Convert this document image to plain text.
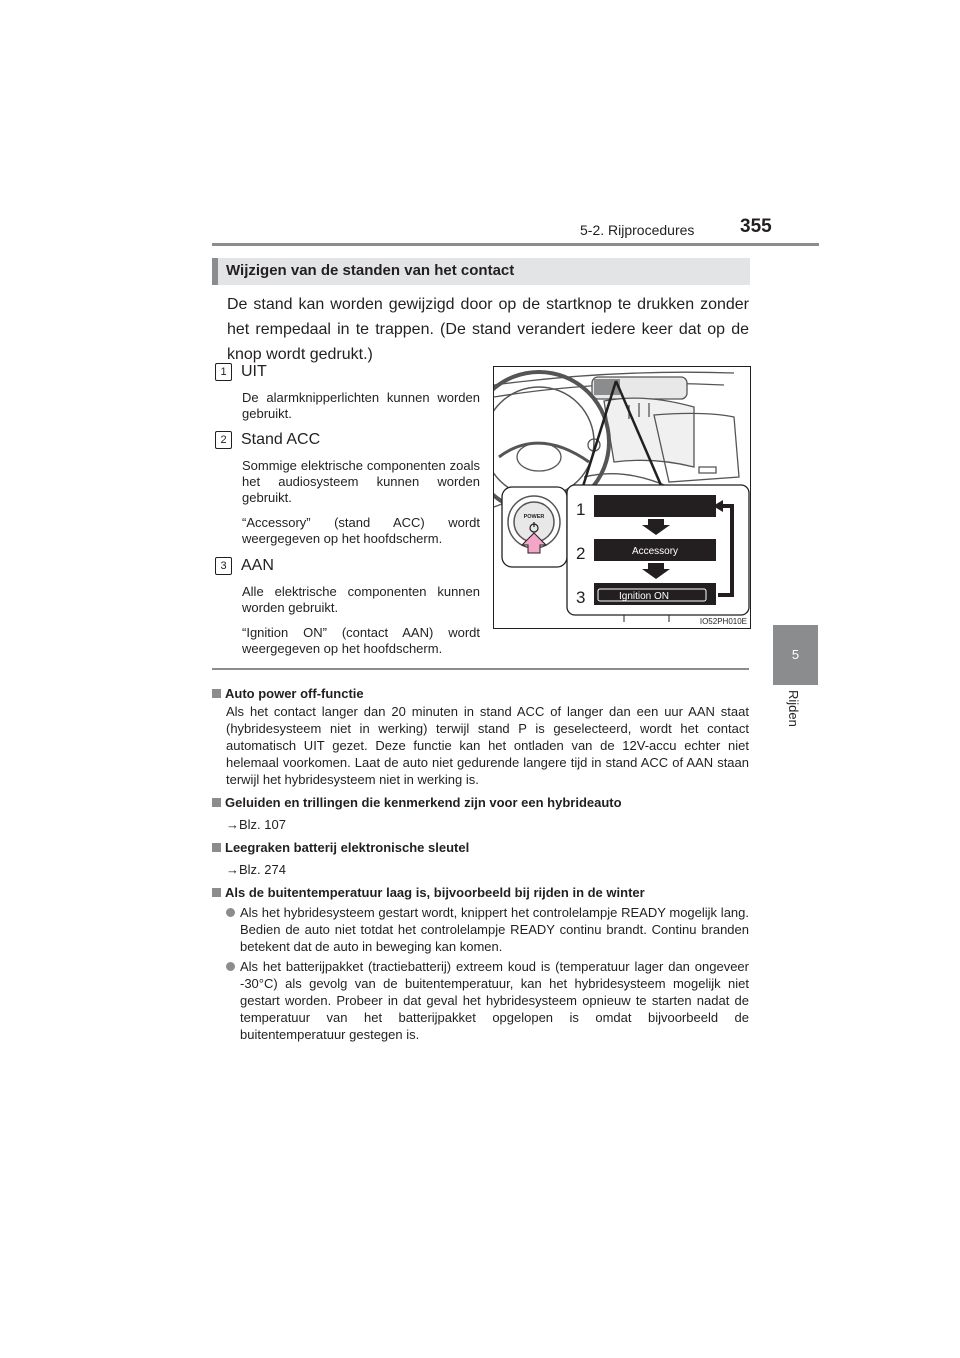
5-2. Rijprocedures 355
5
Rijden
Wijzigen van de standen van het contact
De stand kan worden gewijzigd door op de startknop te drukken zonder het rempedaal in te trappen. (De stand verandert iedere keer dat op de knop wordt gedrukt.)
1 UIT

De alarmknipperlichten kunnen worden gebruikt.

2 Stand ACC

Sommige elektrische componenten zoals het audiosysteem kunnen worden gebruikt.

“Accessory” (stand ACC) wordt weergegeven op het hoofdscherm.

3 AAN

Alle elektrische componenten kunnen worden gebruikt.

“Ignition ON” (contact AAN) wordt weergegeven op het hoofdscherm.

POWER 1
2
3
Accessory
Ignition ON
IO52PH010E
Auto power off-functie
Als het contact langer dan 20 minuten in stand ACC of langer dan een uur AAN staat (hybridesysteem niet in werking) terwijl stand P is geselecteerd, wordt het contact automatisch UIT gezet. Deze functie kan het ontladen van de 12V-accu echter niet helemaal voorkomen. Laat de auto niet gedurende langere tijd in stand ACC of AAN staan terwijl het hybridesysteem niet in werking is.
Geluiden en trillingen die kenmerkend zijn voor een hybrideauto
→Blz. 107
Leegraken batterij elektronische sleutel
→Blz. 274
Als de buitentemperatuur laag is, bijvoorbeeld bij rijden in de winter
Als het hybridesysteem gestart wordt, knippert het controlelampje READY mogelijk lang. Bedien de auto niet totdat het controlelampje READY continu brandt. Continu branden betekent dat de auto in beweging kan komen.
Als het batterijpakket (tractiebatterij) extreem koud is (temperatuur lager dan ongeveer -30°C) als gevolg van de buitentemperatuur, kan het hybridesysteem mogelijk niet gestart worden. Probeer in dat geval het hybridesysteem opnieuw te starten nadat de temperatuur van het batterijpakket opgelopen is omdat bijvoorbeeld de buitentemperatuur gestegen is.
